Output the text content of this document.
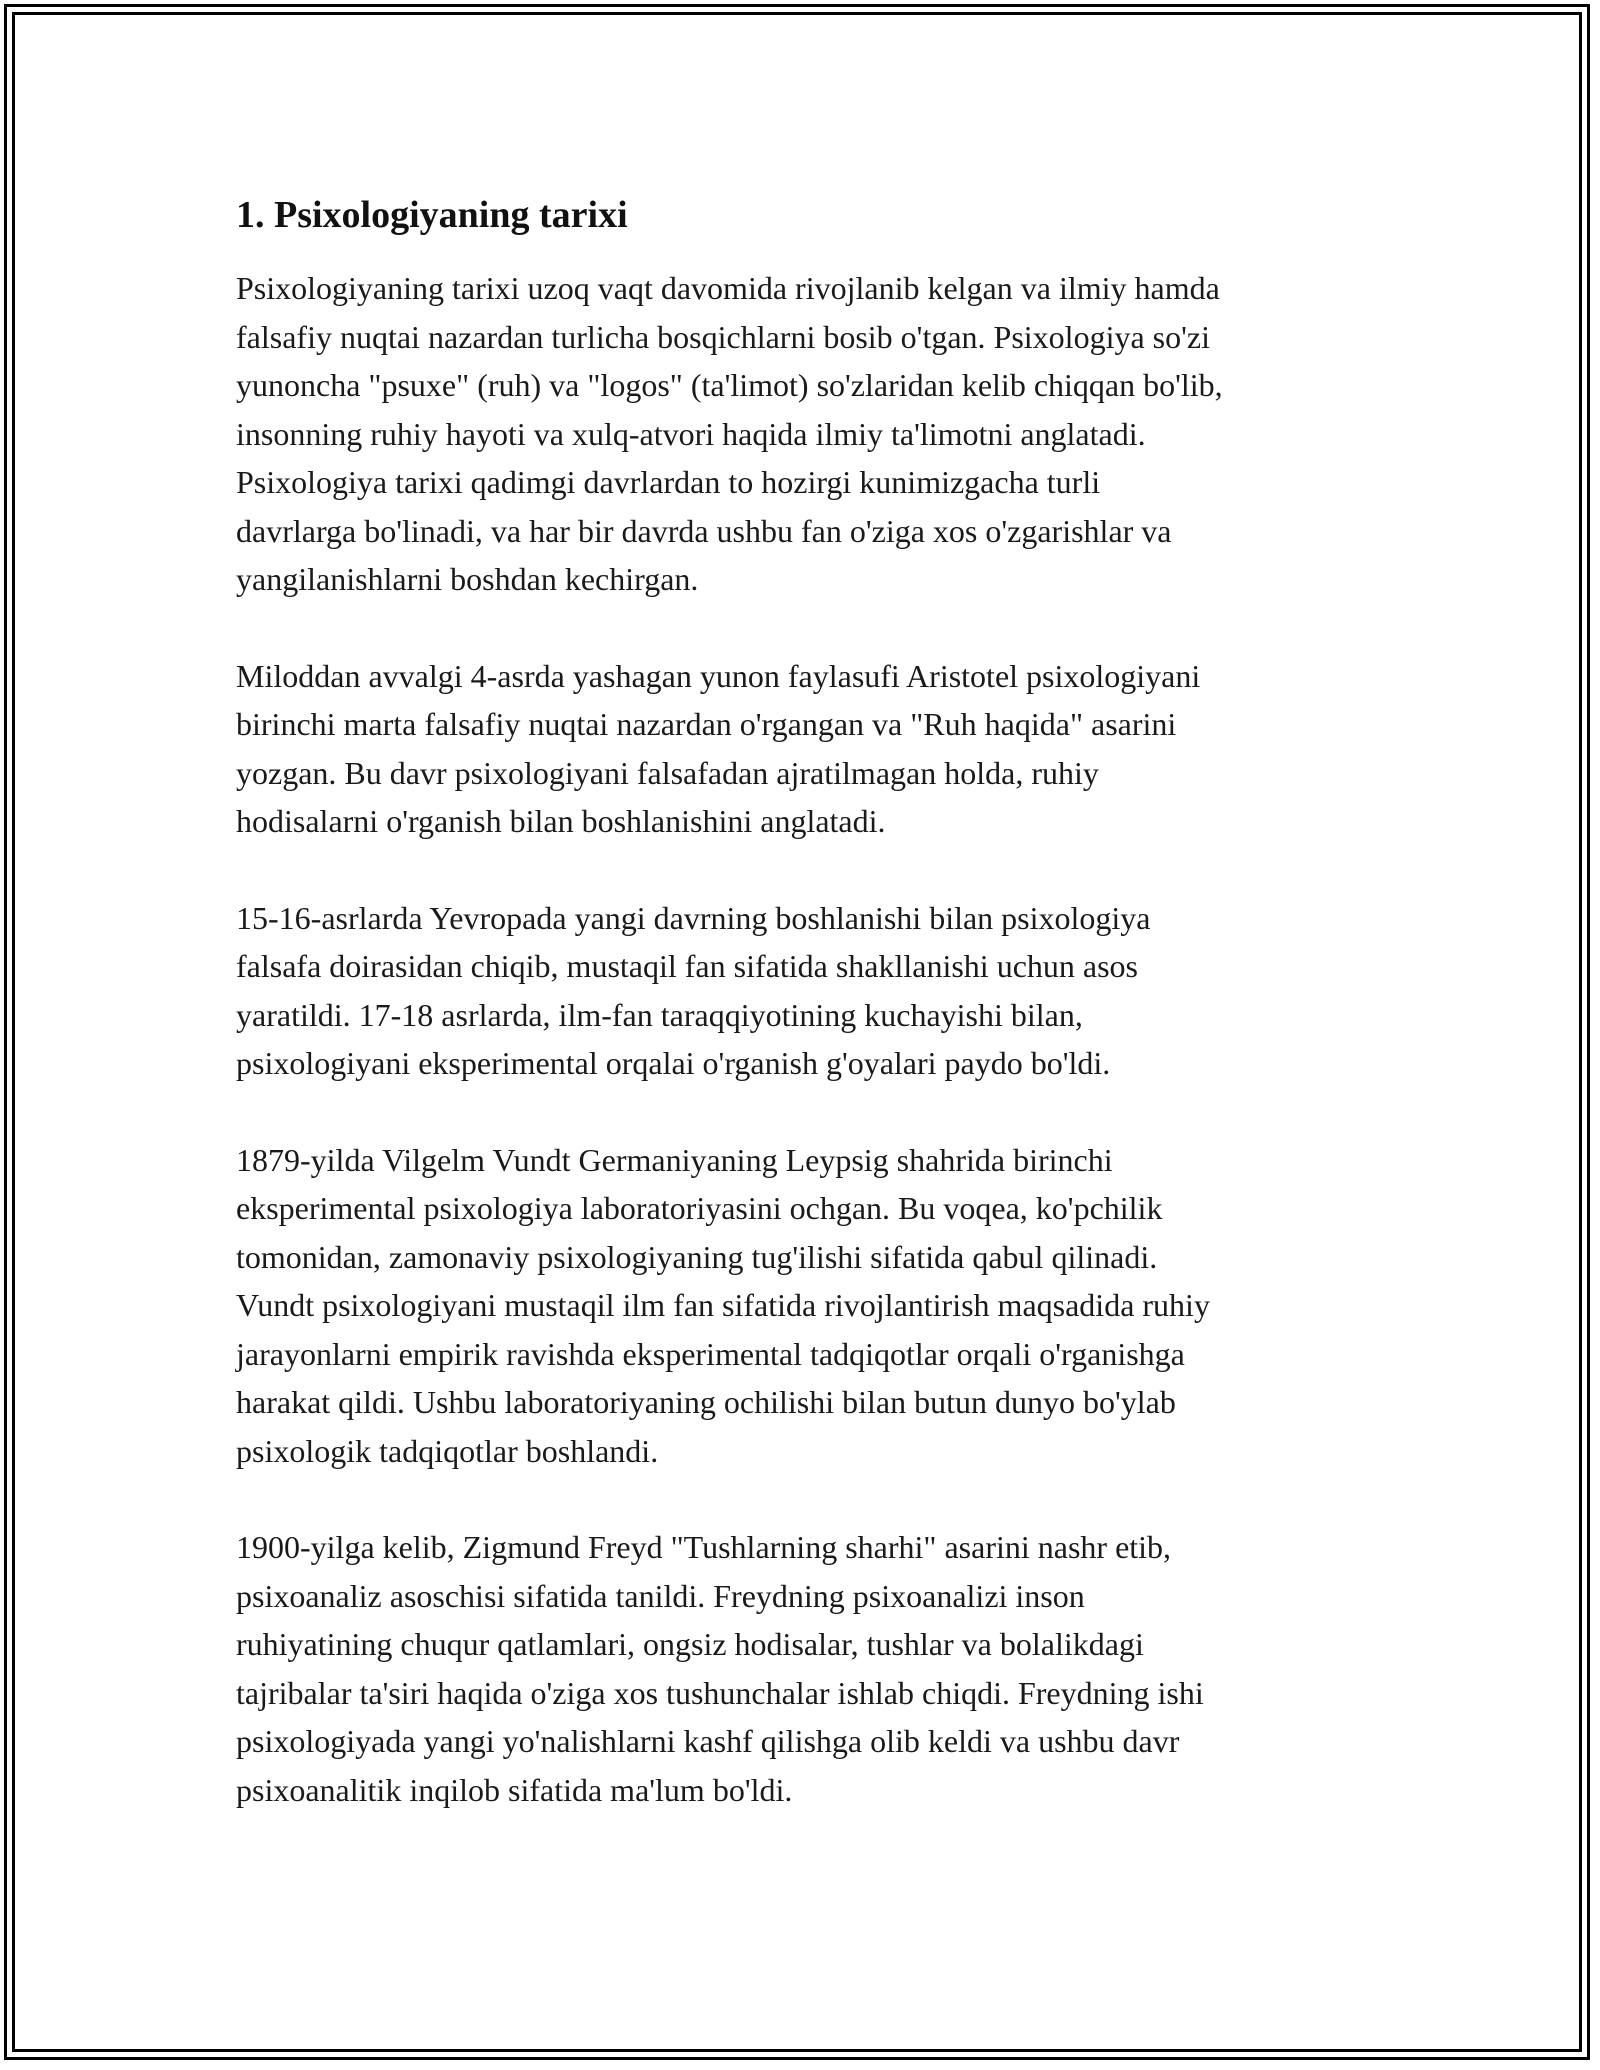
1. Psixologiyaning tarixi

Psixologiyaning tarixi uzoq vaqt davomida rivojlanib kelgan va ilmiy hamda
falsafiy nuqtai nazardan turlicha bosqichlarni bosib o'tgan. Psixologiya so'zi
yunoncha "psuxe" (ruh) va "logos" (ta'limot) so'zlaridan kelib chiqqan bo'lib,
insonning ruhiy hayoti va xulq-atvori haqida ilmiy ta'limotni anglatadi.
Psixologiya tarixi qadimgi davrlardan to hozirgi kunimizgacha turli
davrlarga bo'linadi, va har bir davrda ushbu fan o'ziga xos o'zgarishlar va
yangilanishlarni boshdan kechirgan.

Miloddan avvalgi 4-asrda yashagan yunon faylasufi Aristotel psixologiyani
birinchi marta falsafiy nuqtai nazardan o'rgangan va "Ruh haqida" asarini
yozgan. Bu davr psixologiyani falsafadan ajratilmagan holda, ruhiy
hodisalarni o'rganish bilan boshlanishini anglatadi.

15-16-asrlarda Yevropada yangi davrning boshlanishi bilan psixologiya
falsafa doirasidan chiqib, mustaqil fan sifatida shakllanishi uchun asos
yaratildi. 17-18 asrlarda, ilm-fan taraqqiyotining kuchayishi bilan,
psixologiyani eksperimental orqalai o'rganish g'oyalari paydo bo'ldi.

1879-yilda Vilgelm Vundt Germaniyaning Leypsig shahrida birinchi
eksperimental psixologiya laboratoriyasini ochgan. Bu voqea, ko'pchilik
tomonidan, zamonaviy psixologiyaning tug'ilishi sifatida qabul qilinadi.
Vundt psixologiyani mustaqil ilm fan sifatida rivojlantirish maqsadida ruhiy
jarayonlarni empirik ravishda eksperimental tadqiqotlar orqali o'rganishga
harakat qildi. Ushbu laboratoriyaning ochilishi bilan butun dunyo bo'ylab
psixologik tadqiqotlar boshlandi.

1900-yilga kelib, Zigmund Freyd "Tushlarning sharhi" asarini nashr etib,
psixoanaliz asoschisi sifatida tanildi. Freydning psixoanalizi inson
ruhiyatining chuqur qatlamlari, ongsiz hodisalar, tushlar va bolalikdagi
tajribalar ta'siri haqida o'ziga xos tushunchalar ishlab chiqdi. Freydning ishi
psixologiyada yangi yo'nalishlarni kashf qilishga olib keldi va ushbu davr
psixoanalitik inqilob sifatida ma'lum bo'ldi.
